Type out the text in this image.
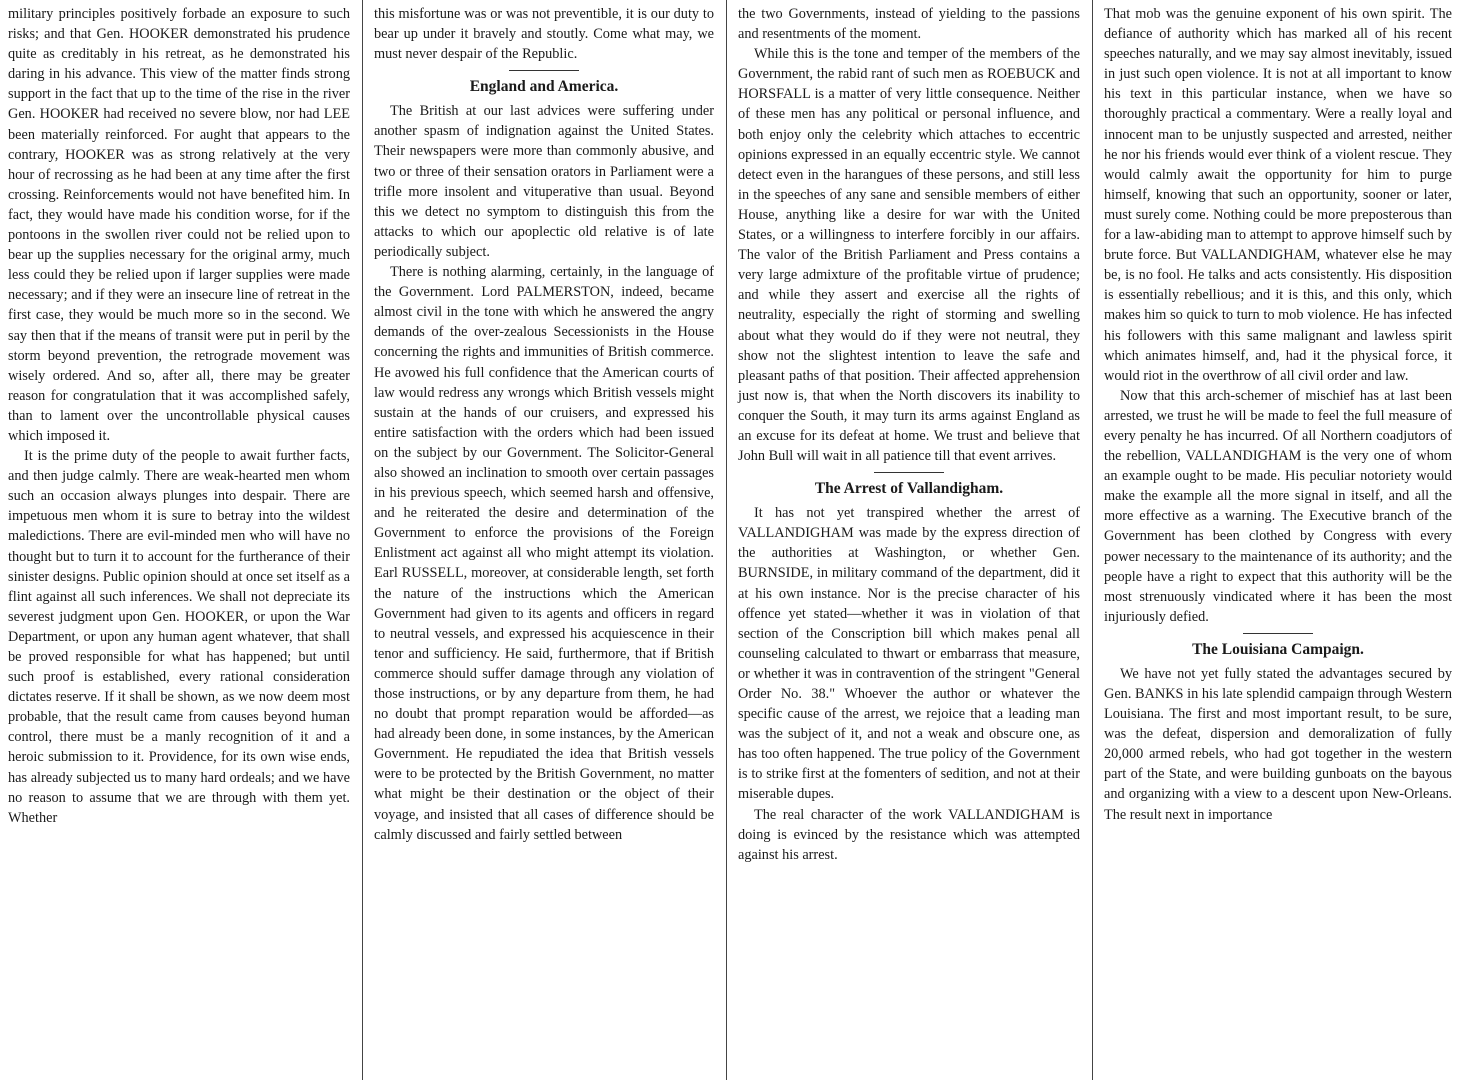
military principles positively forbade an exposure to such risks; and that Gen. HOOKER demonstrated his prudence quite as creditably in his retreat, as he demonstrated his daring in his advance. This view of the matter finds strong support in the fact that up to the time of the rise in the river Gen. HOOKER had received no severe blow, nor had LEE been materially reinforced. For aught that appears to the contrary, HOOKER was as strong relatively at the very hour of recrossing as he had been at any time after the first crossing. Reinforcements would not have benefited him. In fact, they would have made his condition worse, for if the pontoons in the swollen river could not be relied upon to bear up the supplies necessary for the original army, much less could they be relied upon if larger supplies were made necessary; and if they were an insecure line of retreat in the first case, they would be much more so in the second. We say then that if the means of transit were put in peril by the storm beyond prevention, the retrograde movement was wisely ordered. And so, after all, there may be greater reason for congratulation that it was accomplished safely, than to lament over the uncontrollable physical causes which imposed it.

It is the prime duty of the people to await further facts, and then judge calmly. There are weak-hearted men whom such an occasion always plunges into despair. There are impetuous men whom it is sure to betray into the wildest maledictions. There are evil-minded men who will have no thought but to turn it to account for the furtherance of their sinister designs. Public opinion should at once set itself as a flint against all such inferences. We shall not depreciate its severest judgment upon Gen. HOOKER, or upon the War Department, or upon any human agent whatever, that shall be proved responsible for what has happened; but until such proof is established, every rational consideration dictates reserve. If it shall be shown, as we now deem most probable, that the result came from causes beyond human control, there must be a manly recognition of it and a heroic submission to it. Providence, for its own wise ends, has already subjected us to many hard ordeals; and we have no reason to assume that we are through with them yet. Whether

this misfortune was or was not preventible, it is our duty to bear up under it bravely and stoutly. Come what may, we must never despair of the Republic.

England and America.

The British at our last advices were suffering under another spasm of indignation against the United States. Their newspapers were more than commonly abusive, and two or three of their sensation orators in Parliament were a trifle more insolent and vituperative than usual. Beyond this we detect no symptom to distinguish this from the attacks to which our apoplectic old relative is of late periodically subject.

There is nothing alarming, certainly, in the language of the Government. Lord PALMERSTON, indeed, became almost civil in the tone with which he answered the angry demands of the over-zealous Secessionists in the House concerning the rights and immunities of British commerce. He avowed his full confidence that the American courts of law would redress any wrongs which British vessels might sustain at the hands of our cruisers, and expressed his entire satisfaction with the orders which had been issued on the subject by our Government. The Solicitor-General also showed an inclination to smooth over certain passages in his previous speech, which seemed harsh and offensive, and he reiterated the desire and determination of the Government to enforce the provisions of the Foreign Enlistment act against all who might attempt its violation. Earl RUSSELL, moreover, at considerable length, set forth the nature of the instructions which the American Government had given to its agents and officers in regard to neutral vessels, and expressed his acquiescence in their tenor and sufficiency. He said, furthermore, that if British commerce should suffer damage through any violation of those instructions, or by any departure from them, he had no doubt that prompt reparation would be afforded—as had already been done, in some instances, by the American Government. He repudiated the idea that British vessels were to be protected by the British Government, no matter what might be their destination or the object of their voyage, and insisted that all cases of difference should be calmly discussed and fairly settled between

the two Governments, instead of yielding to the passions and resentments of the moment.

While this is the tone and temper of the members of the Government, the rabid rant of such men as ROEBUCK and HORSFALL is a matter of very little consequence. Neither of these men has any political or personal influence, and both enjoy only the celebrity which attaches to eccentric opinions expressed in an equally eccentric style. We cannot detect even in the harangues of these persons, and still less in the speeches of any sane and sensible members of either House, anything like a desire for war with the United States, or a willingness to interfere forcibly in our affairs. The valor of the British Parliament and Press contains a very large admixture of the profitable virtue of prudence; and while they assert and exercise all the rights of neutrality, especially the right of storming and swelling about what they would do if they were not neutral, they show not the slightest intention to leave the safe and pleasant paths of that position. Their affected apprehension just now is, that when the North discovers its inability to conquer the South, it may turn its arms against England as an excuse for its defeat at home. We trust and believe that John Bull will wait in all patience till that event arrives.

The Arrest of Vallandigham.

It has not yet transpired whether the arrest of VALLANDIGHAM was made by the express direction of the authorities at Washington, or whether Gen. BURNSIDE, in military command of the department, did it at his own instance. Nor is the precise character of his offence yet stated—whether it was in violation of that section of the Conscription bill which makes penal all counseling calculated to thwart or embarrass that measure, or whether it was in contravention of the stringent "General Order No. 38." Whoever the author or whatever the specific cause of the arrest, we rejoice that a leading man was the subject of it, and not a weak and obscure one, as has too often happened. The true policy of the Government is to strike first at the fomenters of sedition, and not at their miserable dupes.

The real character of the work VALLANDIGHAM is doing is evinced by the resistance which was attempted against his arrest.

That mob was the genuine exponent of his own spirit. The defiance of authority which has marked all of his recent speeches naturally, and we may say almost inevitably, issued in just such open violence. It is not at all important to know his text in this particular instance, when we have so thoroughly practical a commentary. Were a really loyal and innocent man to be unjustly suspected and arrested, neither he nor his friends would ever think of a violent rescue. They would calmly await the opportunity for him to purge himself, knowing that such an opportunity, sooner or later, must surely come. Nothing could be more preposterous than for a law-abiding man to attempt to approve himself such by brute force. But VALLANDIGHAM, whatever else he may be, is no fool. He talks and acts consistently. His disposition is essentially rebellious; and it is this, and this only, which makes him so quick to turn to mob violence. He has infected his followers with this same malignant and lawless spirit which animates himself, and, had it the physical force, it would riot in the overthrow of all civil order and law.

Now that this arch-schemer of mischief has at last been arrested, we trust he will be made to feel the full measure of every penalty he has incurred. Of all Northern coadjutors of the rebellion, VALLANDIGHAM is the very one of whom an example ought to be made. His peculiar notoriety would make the example all the more signal in itself, and all the more effective as a warning. The Executive branch of the Government has been clothed by Congress with every power necessary to the maintenance of its authority; and the people have a right to expect that this authority will be the most strenuously vindicated where it has been the most injuriously defied.

The Louisiana Campaign.

We have not yet fully stated the advantages secured by Gen. BANKS in his late splendid campaign through Western Louisiana. The first and most important result, to be sure, was the defeat, dispersion and demoralization of fully 20,000 armed rebels, who had got together in the western part of the State, and were building gunboats on the bayous and organizing with a view to a descent upon New-Orleans. The result next in importance
